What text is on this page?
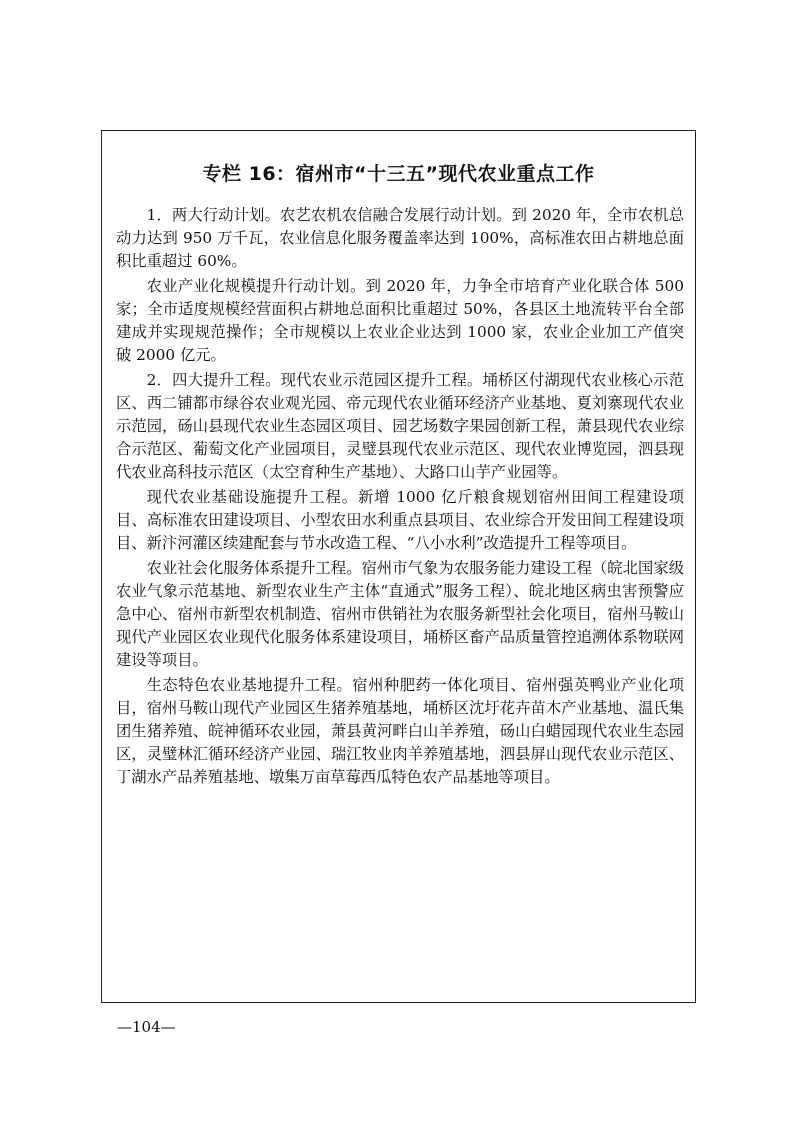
专栏 16：宿州市“十三五”现代农业重点工作

1．两大行动计划。农艺农机农信融合发展行动计划。到 2020 年，全市农机总动力达到 950 万千瓦，农业信息化服务覆盖率达到 100%，高标准农田占耕地总面积比重超过 60%。

农业产业化规模提升行动计划。到 2020 年，力争全市培育产业化联合体 500 家；全市适度规模经营面积占耕地总面积比重超过 50%，各县区土地流转平台全部建成并实现规范操作；全市规模以上农业企业达到 1000 家，农业企业加工产值突破 2000 亿元。

2．四大提升工程。现代农业示范园区提升工程。埇桥区付湖现代农业核心示范区、西二铺都市绿谷农业观光园、帝元现代农业循环经济产业基地、夏刘寨现代农业示范园，砀山县现代农业生态园区项目、园艺场数字果园创新工程，萧县现代农业综合示范区、葡萄文化产业园项目，灵璧县现代农业示范区、现代农业博览园，泗县现代农业高科技示范区（太空育种生产基地）、大路口山芋产业园等。

现代农业基础设施提升工程。新增 1000 亿斤粮食规划宿州田间工程建设项目、高标准农田建设项目、小型农田水利重点县项目、农业综合开发田间工程建设项目、新汴河灌区续建配套与节水改造工程、“八小水利”改造提升工程等项目。

农业社会化服务体系提升工程。宿州市气象为农服务能力建设工程（皖北国家级农业气象示范基地、新型农业生产主体“直通式”服务工程）、皖北地区病虫害预警应急中心、宿州市新型农机制造、宿州市供销社为农服务新型社会化项目，宿州马鞍山现代产业园区农业现代化服务体系建设项目，埇桥区畜产品质量管控追溯体系物联网建设等项目。

生态特色农业基地提升工程。宿州种肥药一体化项目、宿州强英鸭业产业化项目，宿州马鞍山现代产业园区生猪养殖基地，埇桥区沈圩花卉苗木产业基地、温氏集团生猪养殖、皖神循环农业园，萧县黄河畔白山羊养殖，砀山白蜡园现代农业生态园区，灵璧林汇循环经济产业园、瑞江牧业肉羊养殖基地，泗县屏山现代农业示范区、丁湖水产品养殖基地、墩集万亩草莓西瓜特色农产品基地等项目。

—104—
